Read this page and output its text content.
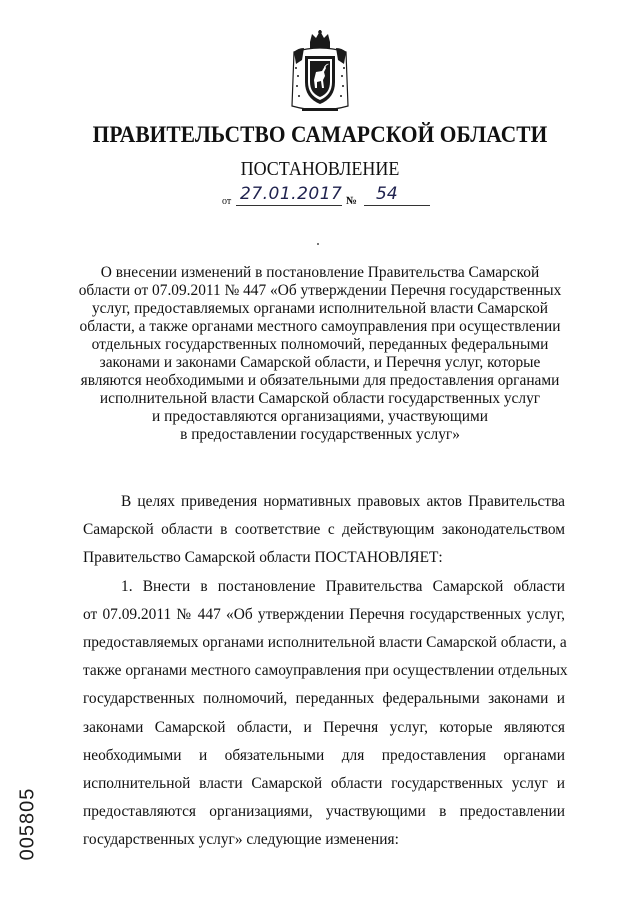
ПРАВИТЕЛЬСТВО САМАРСКОЙ ОБЛАСТИ
ПОСТАНОВЛЕНИЕ
от 27.01.2017 № 54
О внесении изменений в постановление Правительства Самарской
области от 07.09.2011 № 447 «Об утверждении Перечня государственных
услуг, предоставляемых органами исполнительной власти Самарской
области, а также органами местного самоуправления при осуществлении
отдельных государственных полномочий, переданных федеральными
законами и законами Самарской области, и Перечня услуг, которые
являются необходимыми и обязательными для предоставления органами
исполнительной власти Самарской области государственных услуг
и предоставляются организациями, участвующими
в предоставлении государственных услуг»
В целях приведения нормативных правовых актов Правительства
Самарской области в соответствие с действующим законодательством
Правительство Самарской области ПОСТАНОВЛЯЕТ:
1. Внести в постановление Правительства Самарской области
от 07.09.2011 № 447 «Об утверждении Перечня государственных услуг,
предоставляемых органами исполнительной власти Самарской области, а
также органами местного самоуправления при осуществлении отдельных
государственных полномочий, переданных федеральными законами и
законами Самарской области, и Перечня услуг, которые являются
необходимыми и обязательными для предоставления органами
исполнительной власти Самарской области государственных услуг и
предоставляются организациями, участвующими в предоставлении
государственных услуг» следующие изменения:
005805
